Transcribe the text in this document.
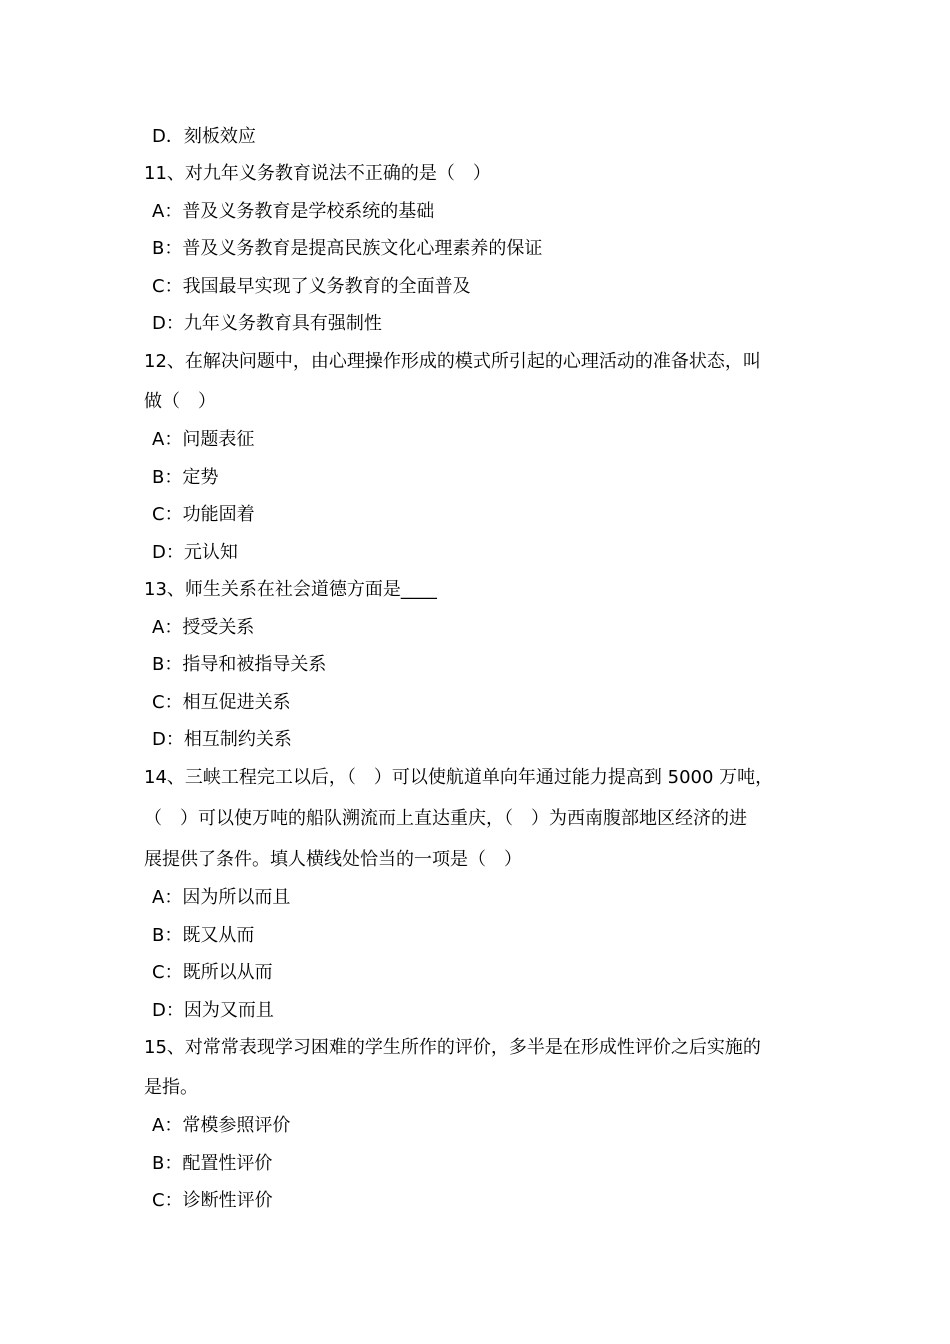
D．刻板效应
11、对九年义务教育说法不正确的是（　）
A：普及义务教育是学校系统的基础
B：普及义务教育是提高民族文化心理素养的保证
C：我国最早实现了义务教育的全面普及
D：九年义务教育具有强制性
12、在解决问题中，由心理操作形成的模式所引起的心理活动的准备状态，叫
做（　）
A：问题表征
B：定势
C：功能固着
D：元认知
13、师生关系在社会道德方面是____
A：授受关系
B：指导和被指导关系
C：相互促进关系
D：相互制约关系
14、三峡工程完工以后，（　）可以使航道单向年通过能力提高到 5000 万吨，
（　）可以使万吨的船队溯流而上直达重庆，（　）为西南腹部地区经济的进
展提供了条件。填人横线处恰当的一项是（　）
A：因为所以而且
B：既又从而
C：既所以从而
D：因为又而且
15、对常常表现学习困难的学生所作的评价，多半是在形成性评价之后实施的
是指。
A：常模参照评价
B：配置性评价
C：诊断性评价
